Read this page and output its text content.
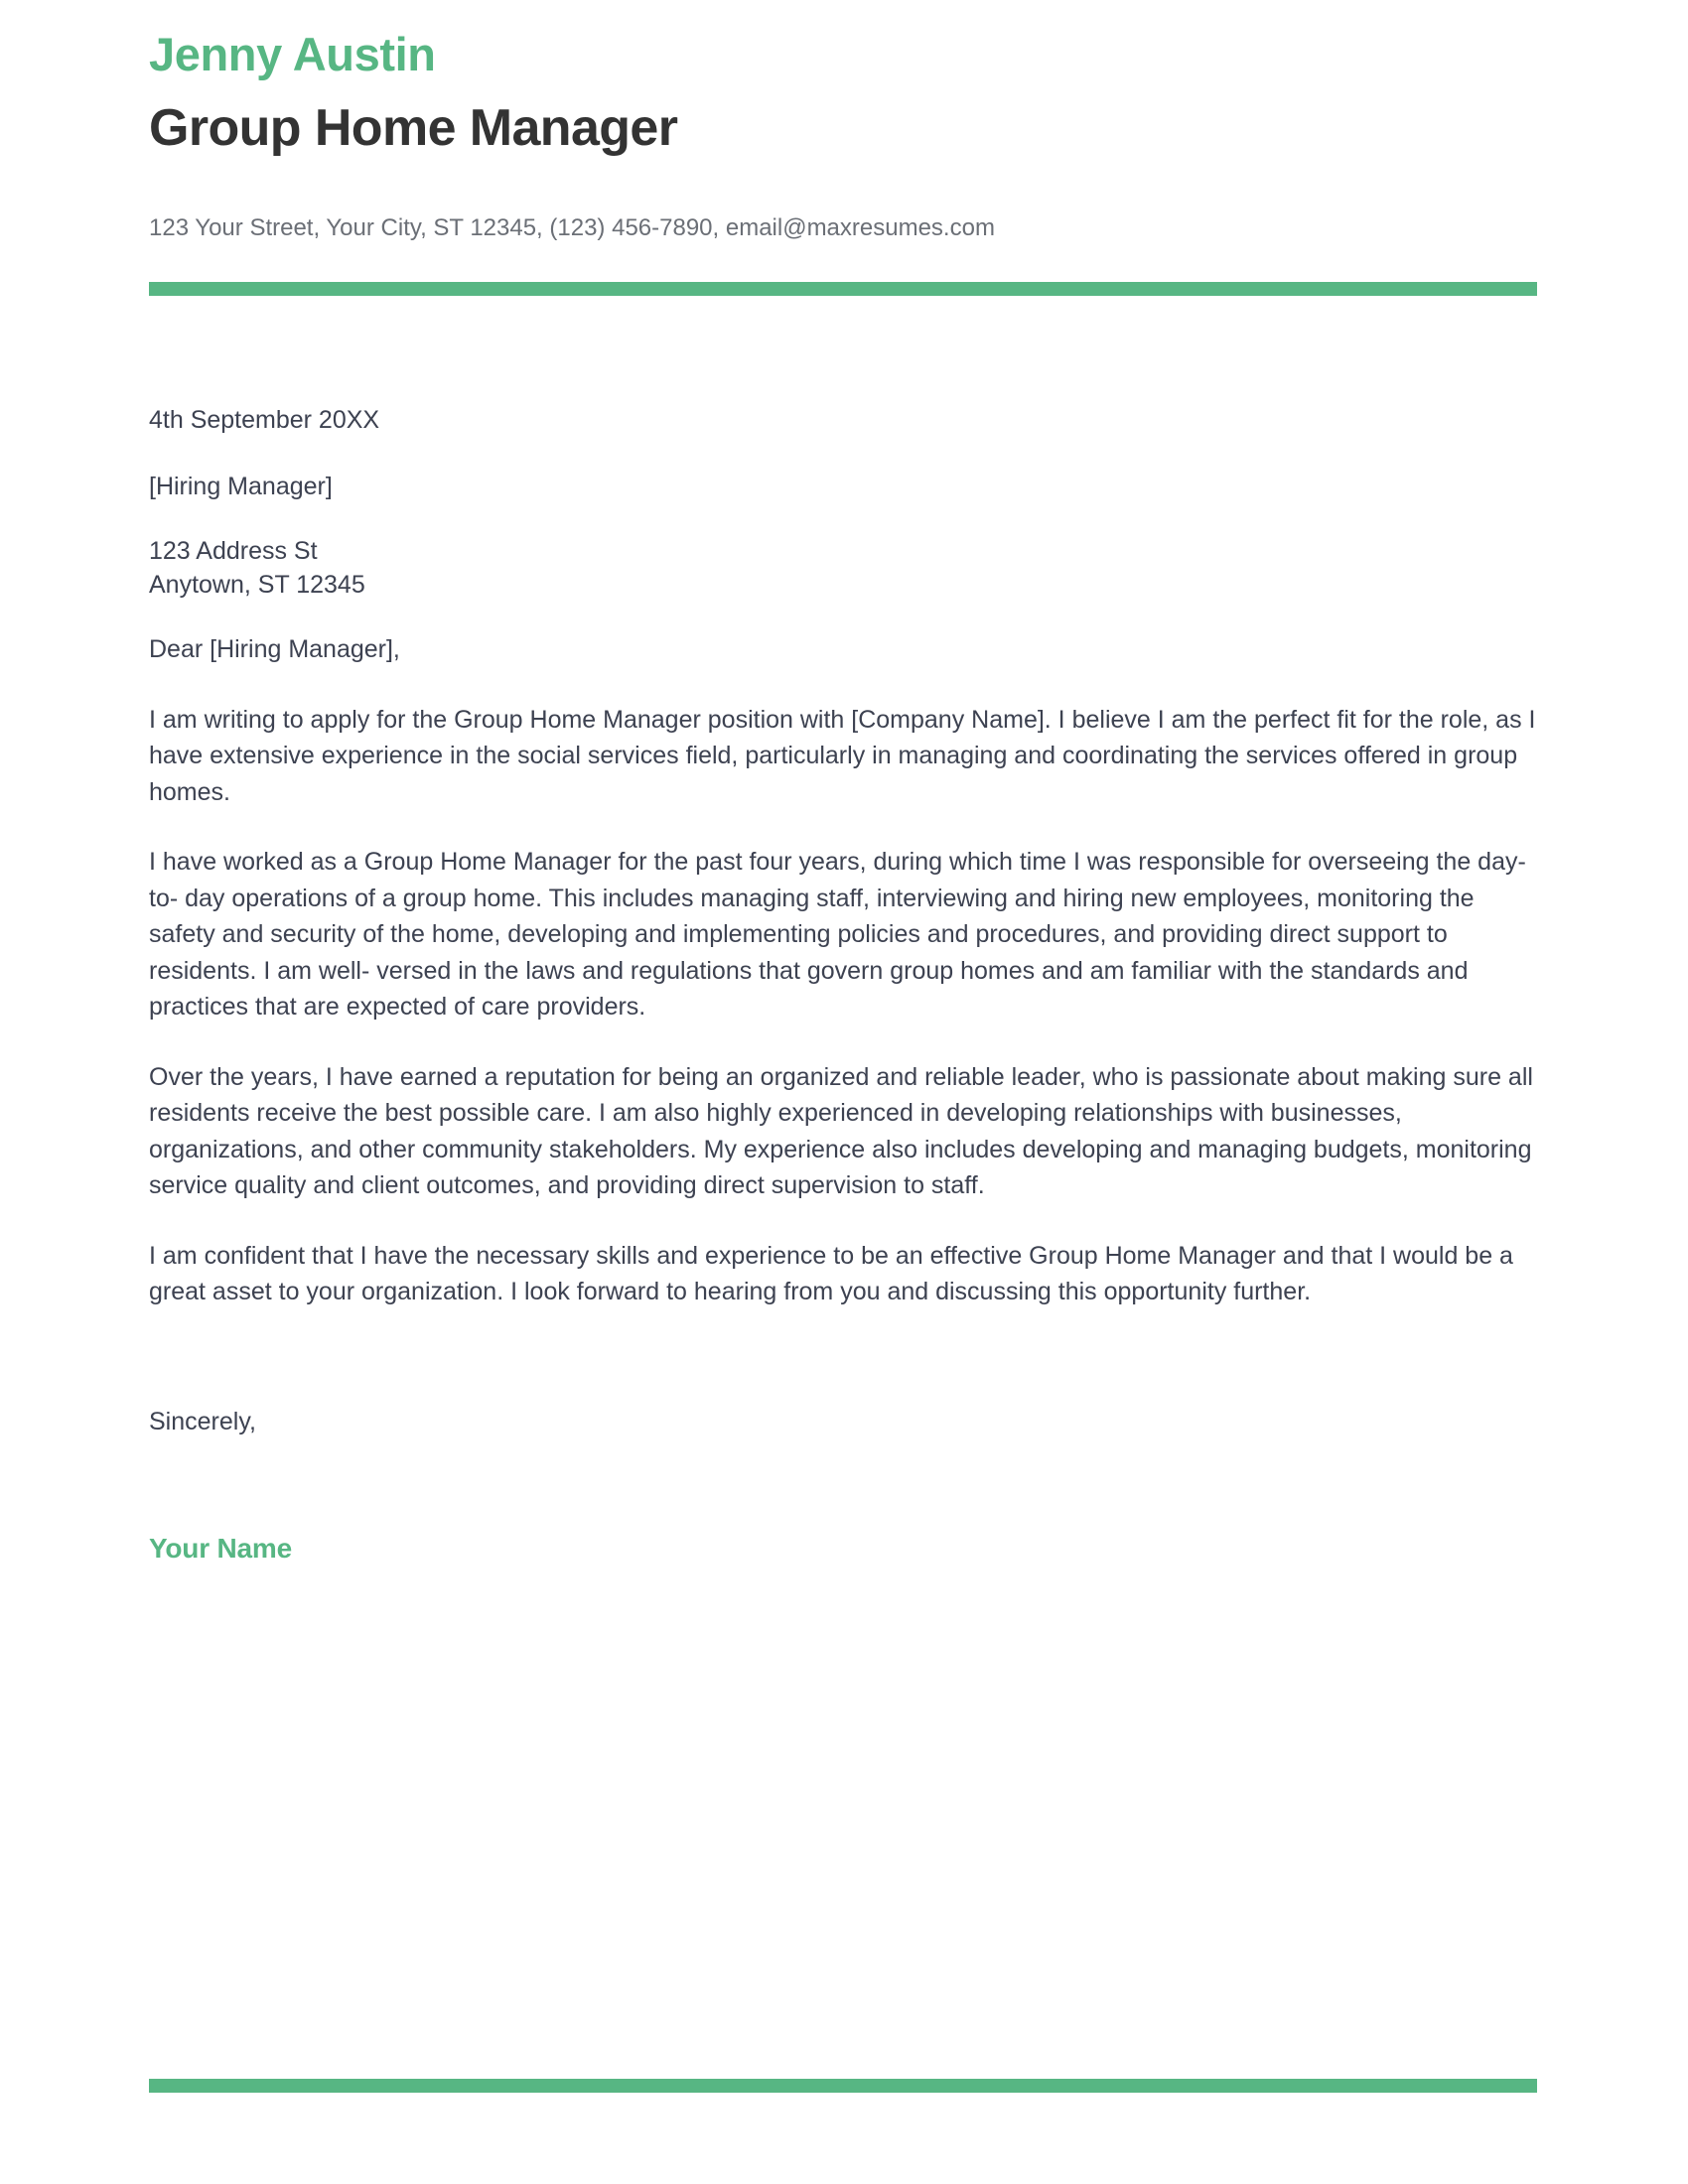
Jenny Austin
Group Home Manager

123 Your Street, Your City, ST 12345, (123) 456-7890, email@maxresumes.com

4th September 20XX

[Hiring Manager]

123 Address St
Anytown, ST 12345

Dear [Hiring Manager],

I am writing to apply for the Group Home Manager position with [Company Name]. I believe I am the perfect fit for the role, as I have extensive experience in the social services field, particularly in managing and coordinating the services offered in group homes.

I have worked as a Group Home Manager for the past four years, during which time I was responsible for overseeing the day- to- day operations of a group home. This includes managing staff, interviewing and hiring new employees, monitoring the safety and security of the home, developing and implementing policies and procedures, and providing direct support to residents. I am well- versed in the laws and regulations that govern group homes and am familiar with the standards and practices that are expected of care providers.

Over the years, I have earned a reputation for being an organized and reliable leader, who is passionate about making sure all residents receive the best possible care. I am also highly experienced in developing relationships with businesses, organizations, and other community stakeholders. My experience also includes developing and managing budgets, monitoring service quality and client outcomes, and providing direct supervision to staff.

I am confident that I have the necessary skills and experience to be an effective Group Home Manager and that I would be a great asset to your organization. I look forward to hearing from you and discussing this opportunity further.

Sincerely,

Your Name
